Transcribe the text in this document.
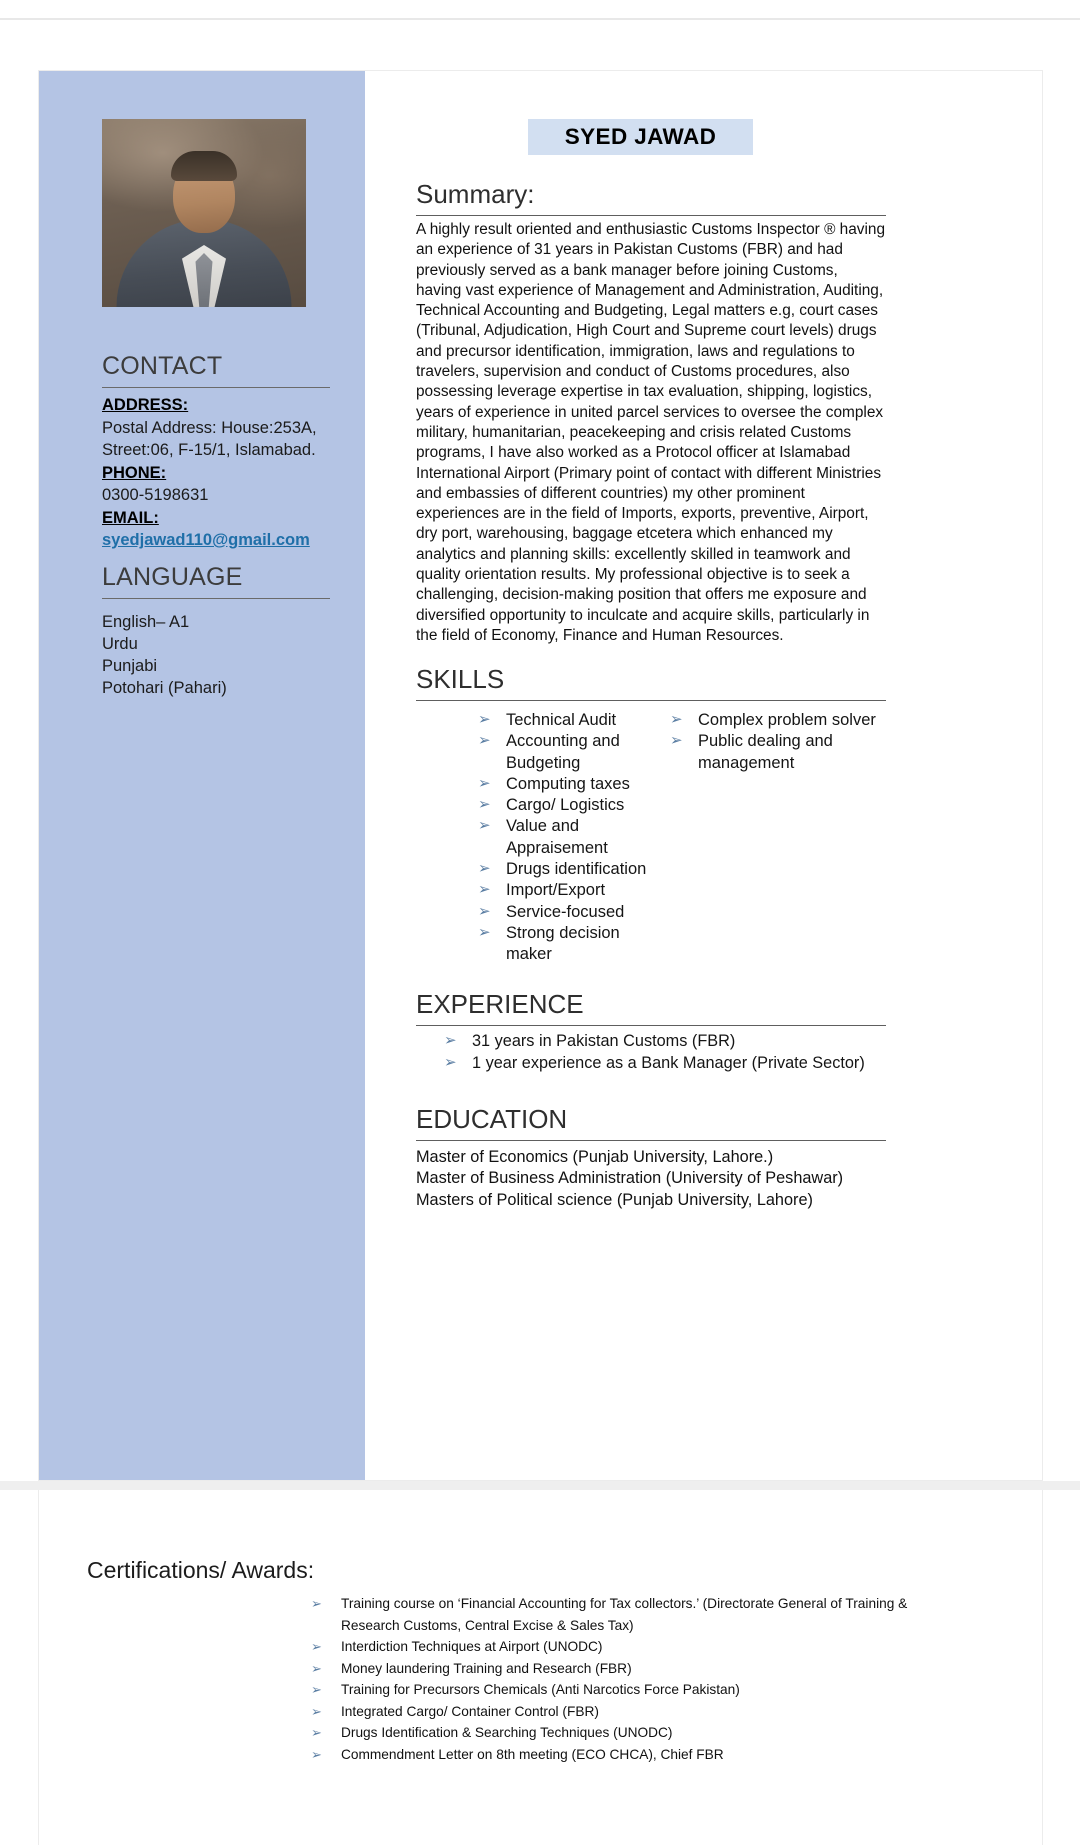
CONTACT
ADDRESS:
Postal Address: House:253A,
Street:06, F-15/1, Islamabad.
PHONE:
0300-5198631
EMAIL:
syedjawad110@gmail.com
LANGUAGE
English– A1
Urdu
Punjabi
Potohari (Pahari)
SYED JAWAD
Summary:

A highly result oriented and enthusiastic Customs Inspector ® having an experience of 31 years in Pakistan Customs (FBR) and had previously served as a bank manager before joining Customs, having vast experience of Management and Administration, Auditing, Technical Accounting and Budgeting, Legal matters e.g, court cases (Tribunal, Adjudication, High Court and Supreme court levels) drugs and precursor identification, immigration, laws and regulations to travelers, supervision and conduct of Customs procedures, also possessing leverage expertise in tax evaluation, shipping, logistics, years of experience in united parcel services to oversee the complex military, humanitarian, peacekeeping and crisis related Customs programs, I have also worked as a Protocol officer at Islamabad International Airport (Primary point of contact with different Ministries and embassies of different countries) my other prominent experiences are in the field of Imports, exports, preventive, Airport, dry port, warehousing, baggage etcetera which enhanced my analytics and planning skills: excellently skilled in teamwork and quality orientation results. My professional objective is to seek a challenging, decision-making position that offers me exposure and diversified opportunity to inculcate and acquire skills, particularly in the field of Economy, Finance and Human Resources.

SKILLS
➢ Technical Audit
➢ Accounting and Budgeting
➢ Computing taxes
➢ Cargo/ Logistics
➢ Value and Appraisement
➢ Drugs identification
➢ Import/Export
➢ Service-focused
➢ Strong decision maker
➢ Complex problem solver
➢ Public dealing and management
EXPERIENCE
➢ 31 years in Pakistan Customs (FBR)
➢ 1 year experience as a Bank Manager (Private Sector)
EDUCATION
Master of Economics (Punjab University, Lahore.)
Master of Business Administration (University of Peshawar)
Masters of Political science (Punjab University, Lahore)
Certifications/ Awards:
➢ Training course on ‘Financial Accounting for Tax collectors.’ (Directorate General of Training & Research Customs, Central Excise & Sales Tax)
➢ Interdiction Techniques at Airport (UNODC)
➢ Money laundering Training and Research (FBR)
➢ Training for Precursors Chemicals (Anti Narcotics Force Pakistan)
➢ Integrated Cargo/ Container Control (FBR)
➢ Drugs Identification & Searching Techniques (UNODC)
➢ Commendment Letter on 8th meeting (ECO CHCA), Chief FBR
